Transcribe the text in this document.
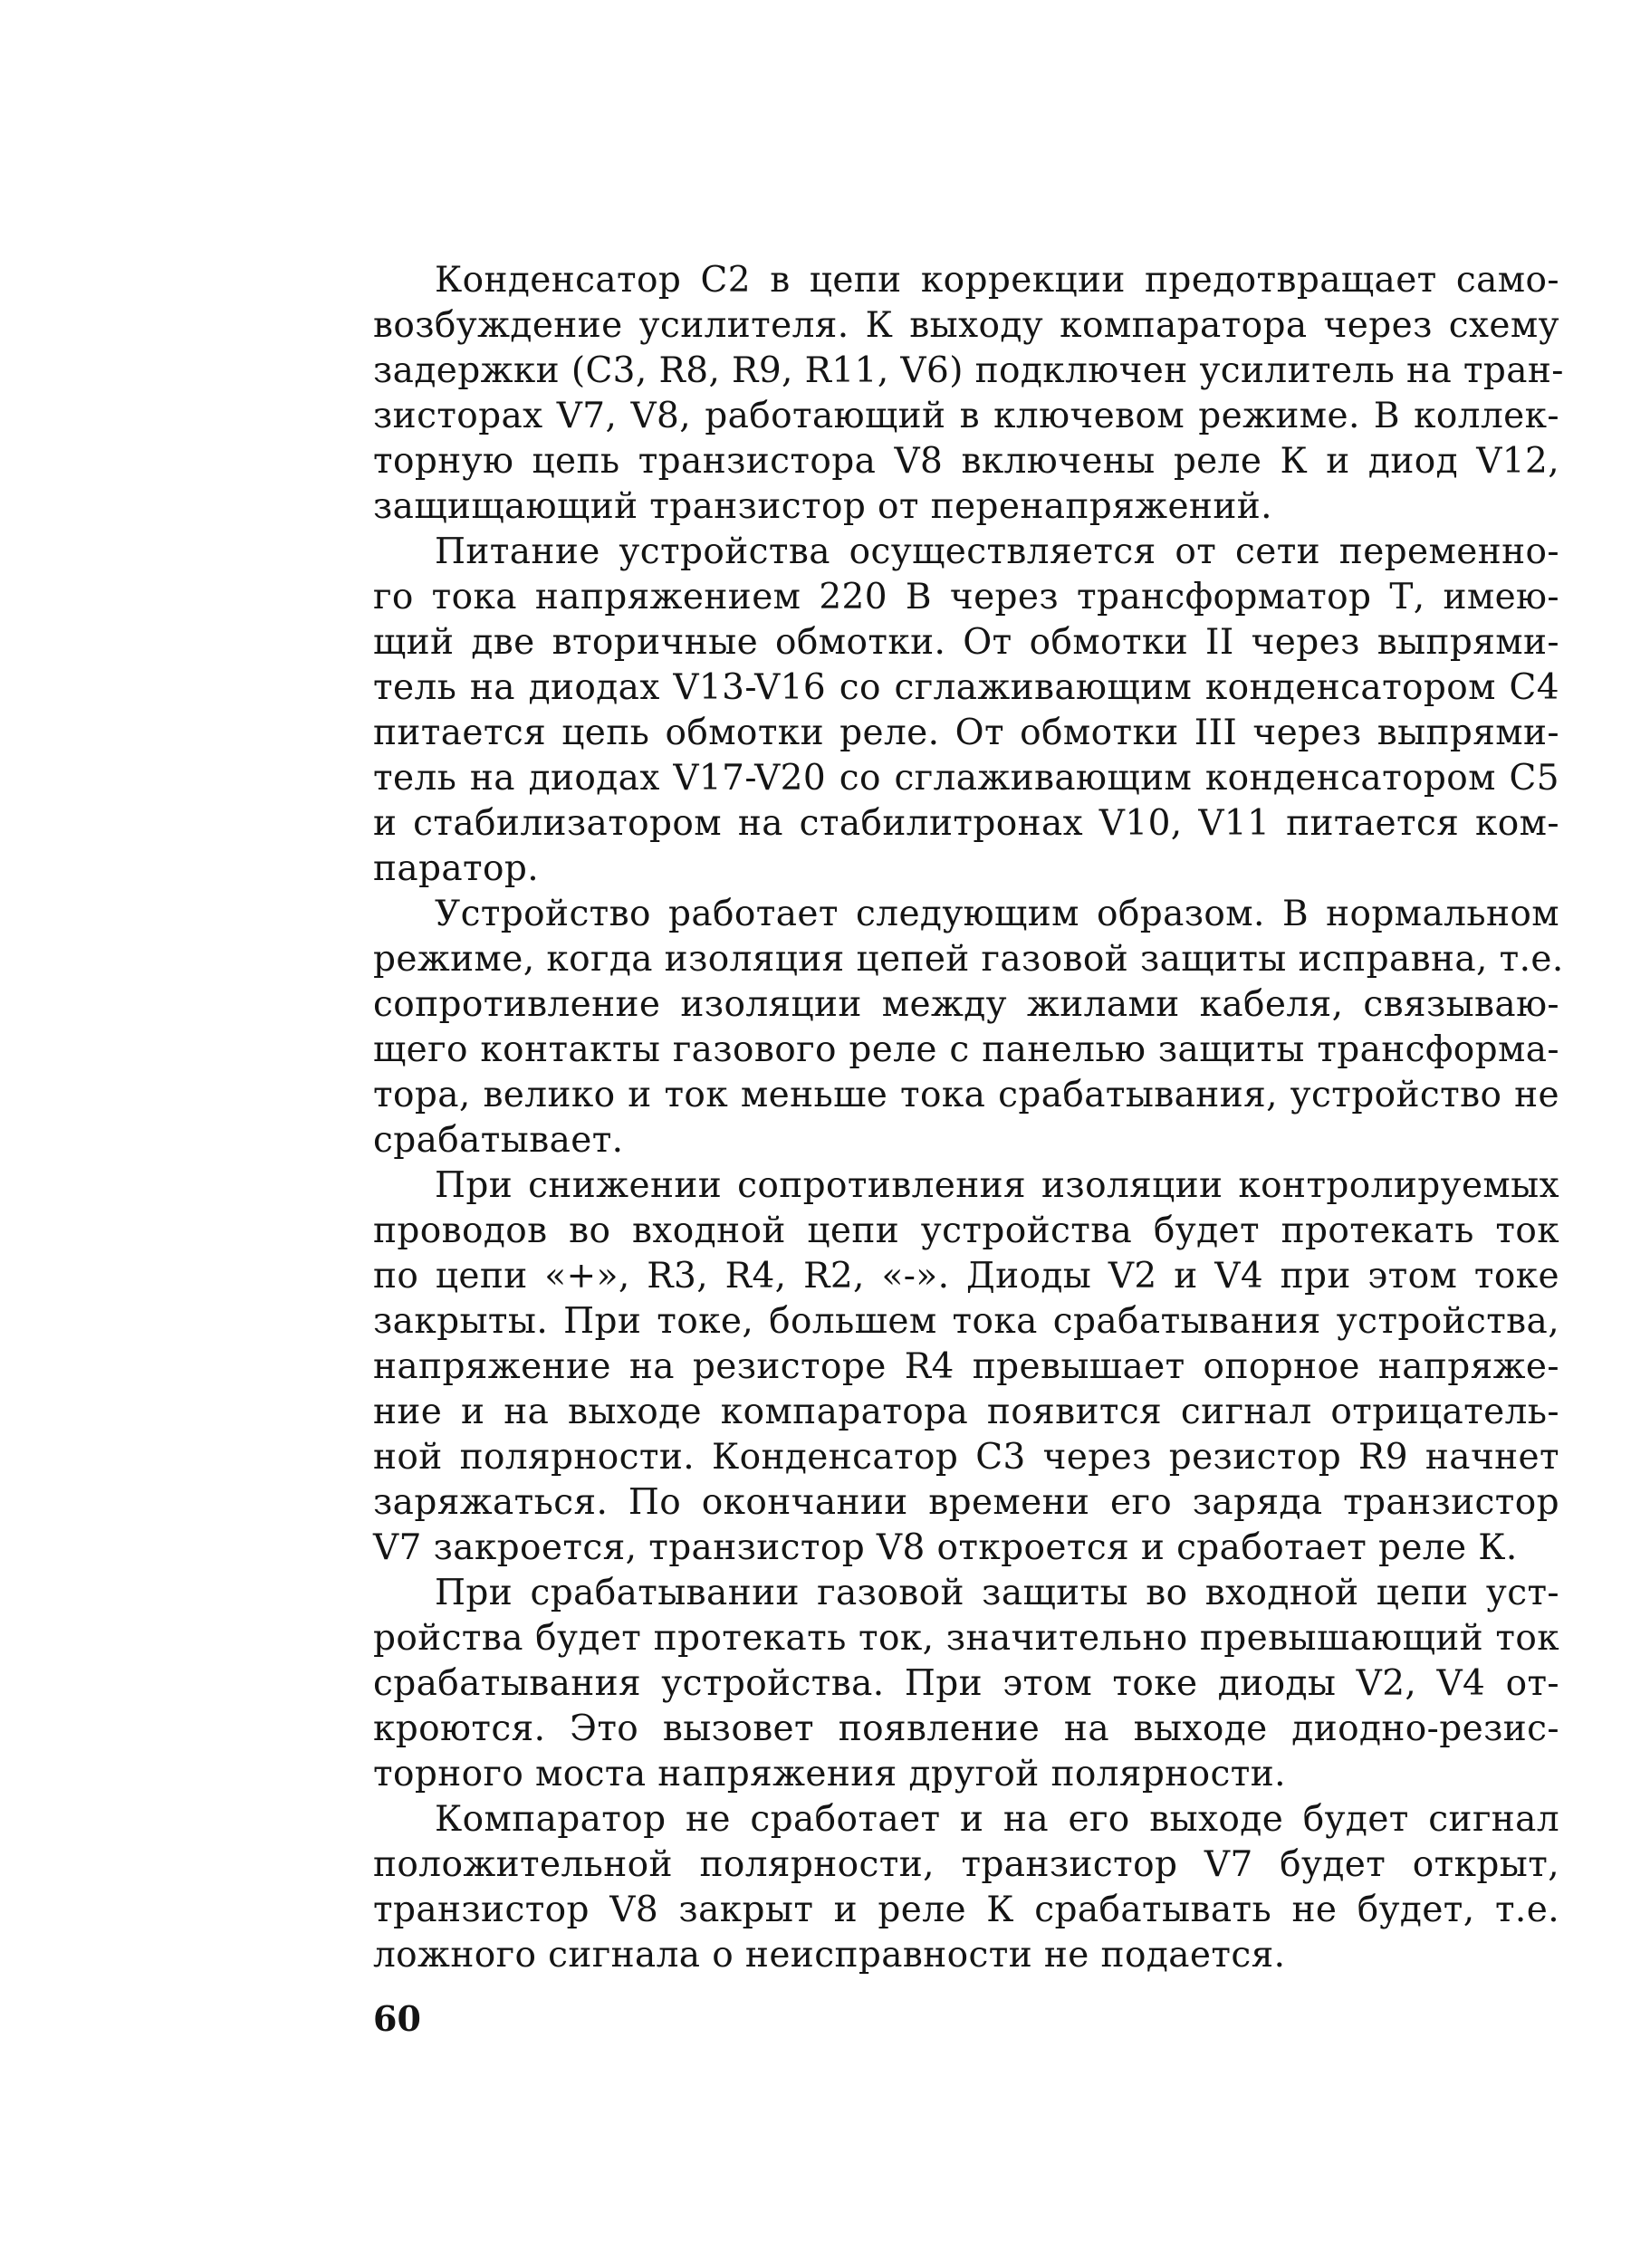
Конденсатор C2 в цепи коррекции предотвращает само-
возбуждение усилителя. К выходу компаратора через схему
задержки (C3, R8, R9, R11, V6) подключен усилитель на тран-
зисторах V7, V8, работающий в ключевом режиме. В коллек-
торную цепь транзистора V8 включены реле К и диод V12,
защищающий транзистор от перенапряжений.

Питание устройства осуществляется от сети переменно-
го тока напряжением 220 В через трансформатор Т, имею-
щий две вторичные обмотки. От обмотки II через выпрями-
тель на диодах V13-V16 со сглаживающим конденсатором С4
питается цепь обмотки реле. От обмотки III через выпрями-
тель на диодах V17-V20 со сглаживающим конденсатором C5
и стабилизатором на стабилитронах V10, V11 питается ком-
паратор.

Устройство работает следующим образом. В нормальном
режиме, когда изоляция цепей газовой защиты исправна, т.е.
сопротивление изоляции между жилами кабеля, связываю-
щего контакты газового реле с панелью защиты трансформа-
тора, велико и ток меньше тока срабатывания, устройство не
срабатывает.

При снижении сопротивления изоляции контролируемых
проводов во входной цепи устройства будет протекать ток
по цепи «+», R3, R4, R2, «-». Диоды V2 и V4 при этом токе
закрыты. При токе, большем тока срабатывания устройства,
напряжение на резисторе R4 превышает опорное напряже-
ние и на выходе компаратора появится сигнал отрицатель-
ной полярности. Конденсатор C3 через резистор R9 начнет
заряжаться. По окончании времени его заряда транзистор
V7 закроется, транзистор V8 откроется и сработает реле К.

При срабатывании газовой защиты во входной цепи уст-
ройства будет протекать ток, значительно превышающий ток
срабатывания устройства. При этом токе диоды V2, V4 от-
кроются. Это вызовет появление на выходе диодно-резис-
торного моста напряжения другой полярности.

Компаратор не сработает и на его выходе будет сигнал
положительной полярности, транзистор V7 будет открыт,
транзистор V8 закрыт и реле К срабатывать не будет, т.е.
ложного сигнала о неисправности не подается.

60
